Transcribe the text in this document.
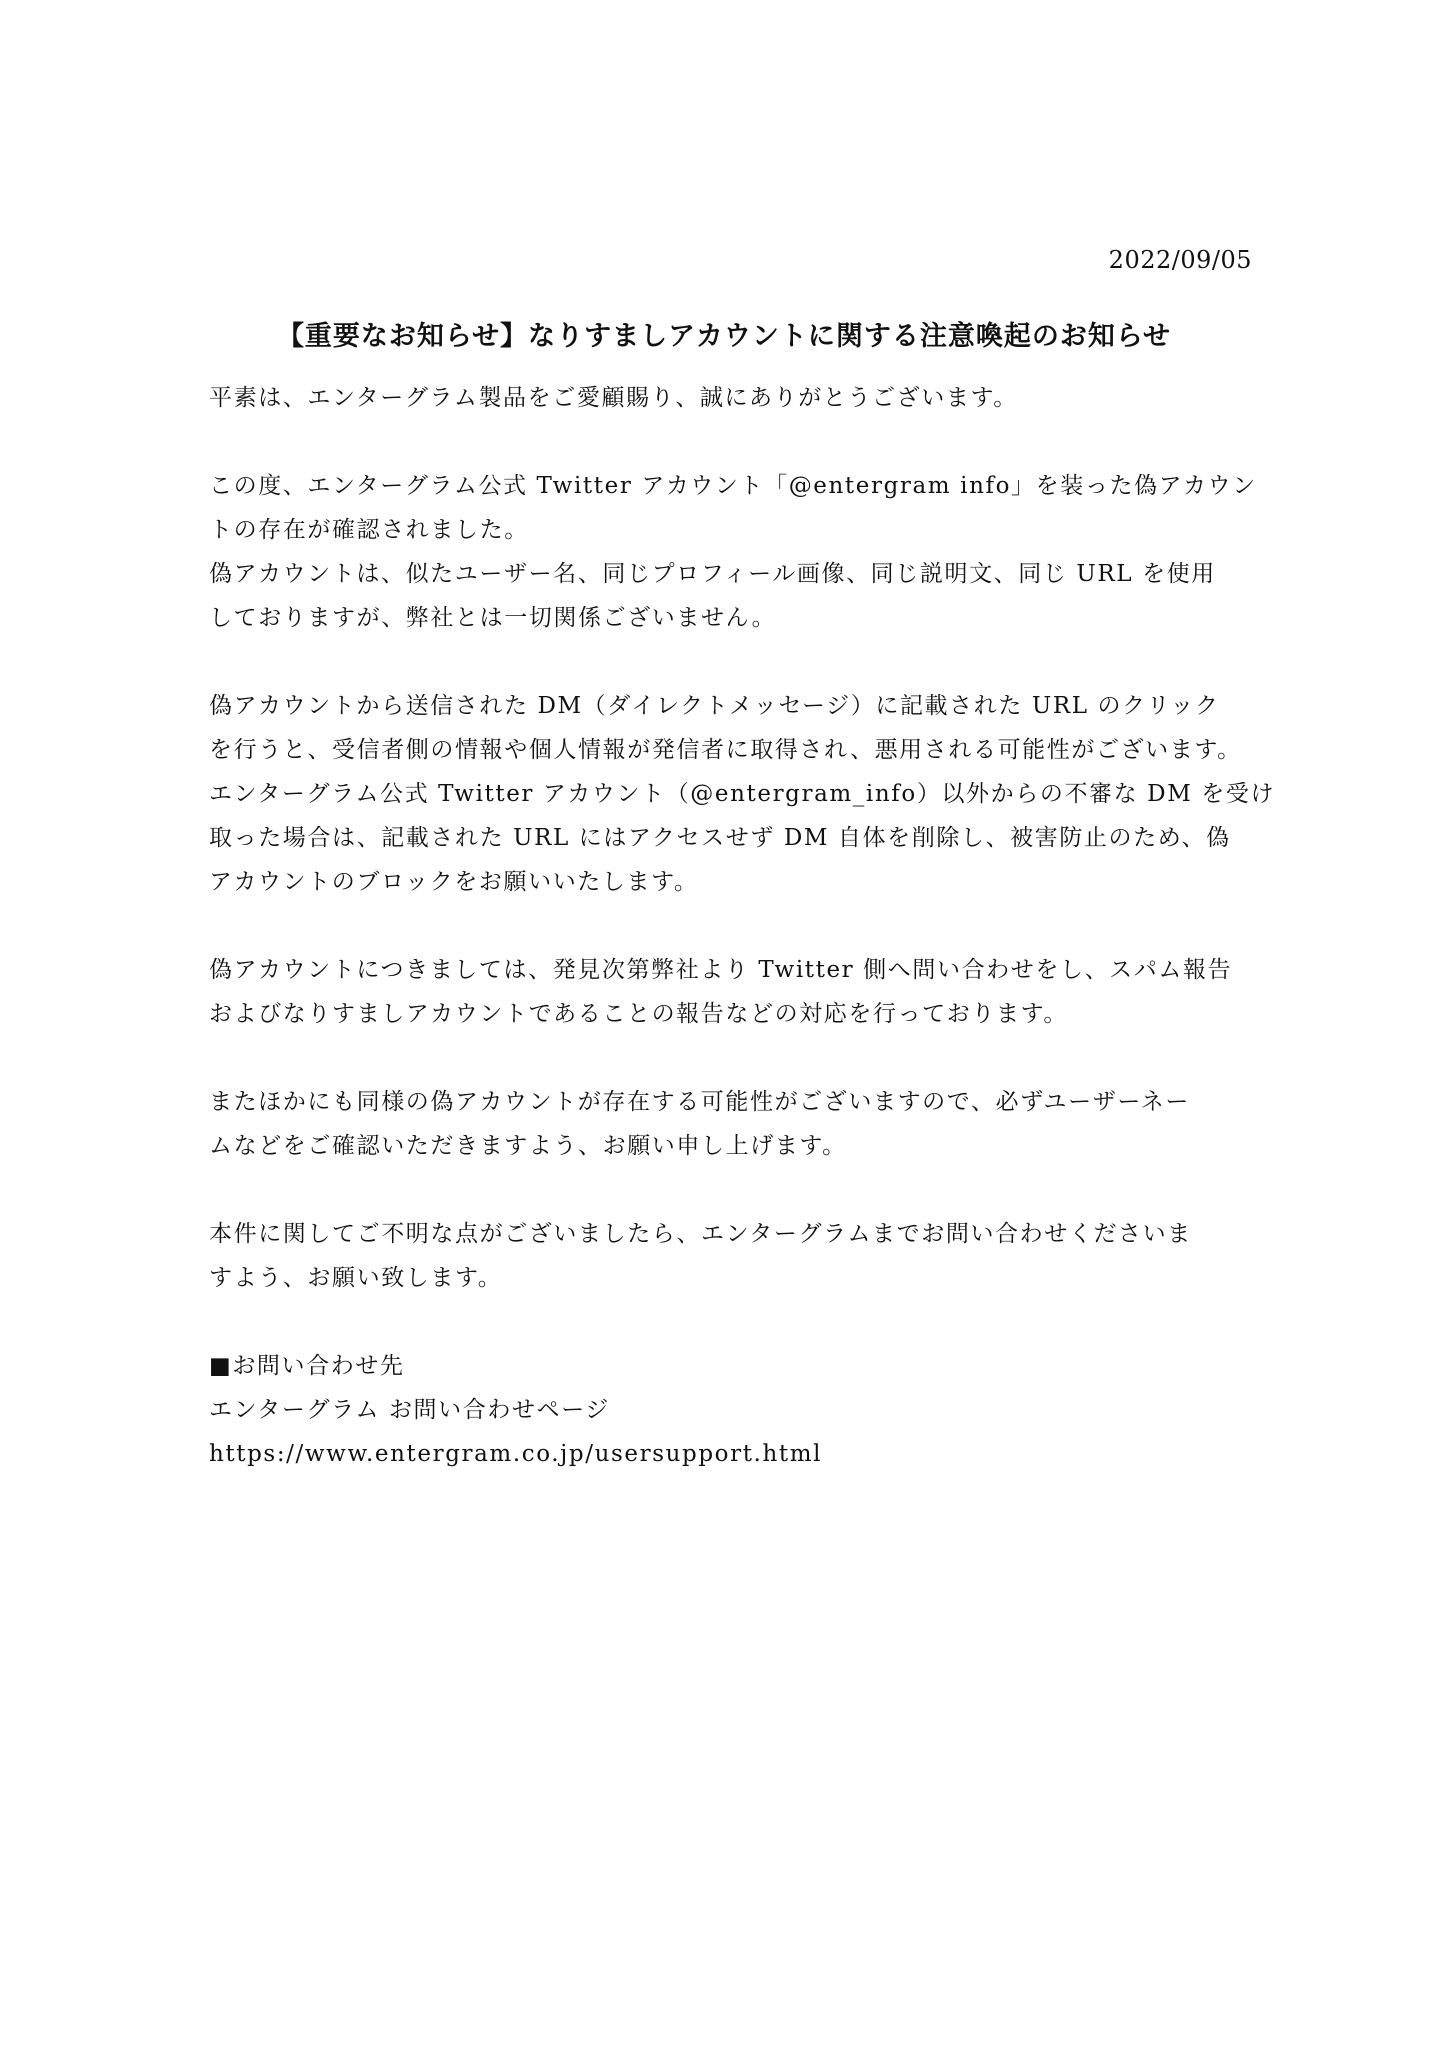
2022/09/05
【重要なお知らせ】なりすましアカウントに関する注意喚起のお知らせ

平素は、エンターグラム製品をご愛顧賜り、誠にありがとうございます。

この度、エンターグラム公式 Twitter アカウント「@entergram info」を装った偽アカウン
トの存在が確認されました。
偽アカウントは、似たユーザー名、同じプロフィール画像、同じ説明文、同じ URL を使用
しておりますが、弊社とは一切関係ございません。

偽アカウントから送信された DM（ダイレクトメッセージ）に記載された URL のクリック
を行うと、受信者側の情報や個人情報が発信者に取得され、悪用される可能性がございます。
エンターグラム公式 Twitter アカウント（@entergram_info）以外からの不審な DM を受け
取った場合は、記載された URL にはアクセスせず DM 自体を削除し、被害防止のため、偽
アカウントのブロックをお願いいたします。

偽アカウントにつきましては、発見次第弊社より Twitter 側へ問い合わせをし、スパム報告
およびなりすましアカウントであることの報告などの対応を行っております。

またほかにも同様の偽アカウントが存在する可能性がございますので、必ずユーザーネー
ムなどをご確認いただきますよう、お願い申し上げます。

本件に関してご不明な点がございましたら、エンターグラムまでお問い合わせくださいま
すよう、お願い致します。

■お問い合わせ先
エンターグラム お問い合わせページ
https://www.entergram.co.jp/usersupport.html
